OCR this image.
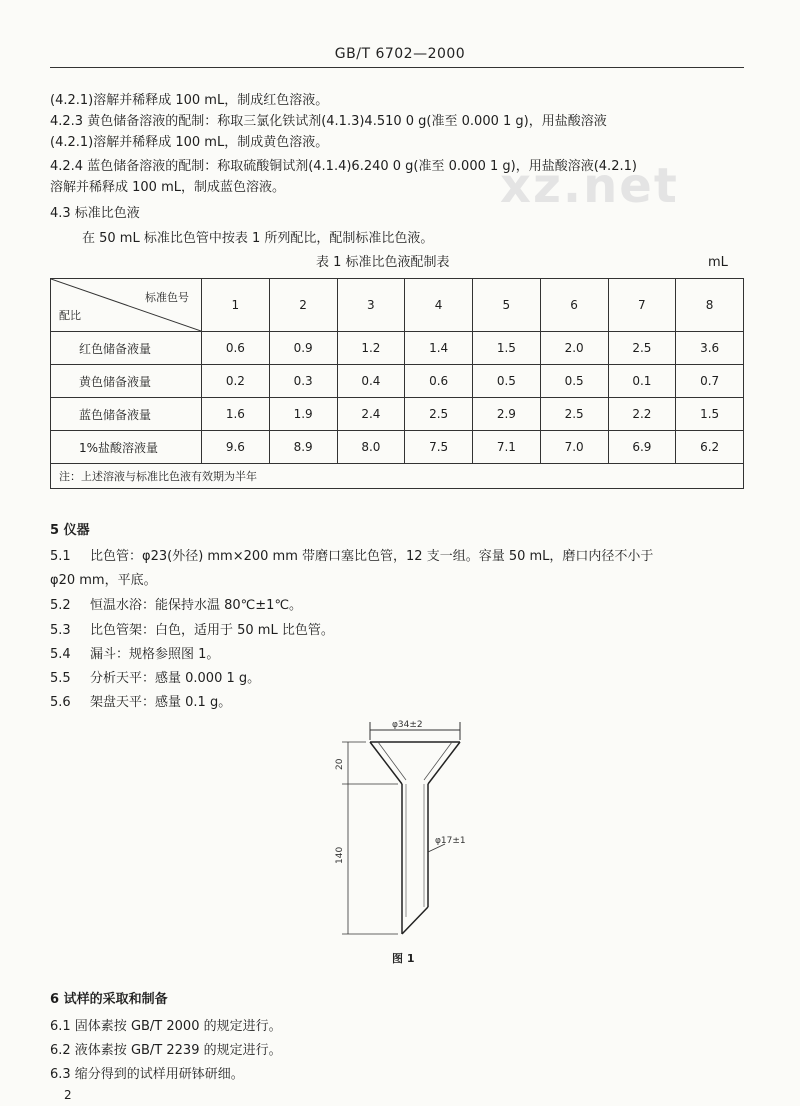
GB/T 6702—2000
xz.net
(4.2.1)溶解并稀释成 100 mL，制成红色溶液。
4.2.3 黄色储备溶液的配制：称取三氯化铁试剂(4.1.3)4.510 0 g(准至 0.000 1 g)，用盐酸溶液
(4.2.1)溶解并稀释成 100 mL，制成黄色溶液。
4.2.4 蓝色储备溶液的配制：称取硫酸铜试剂(4.1.4)6.240 0 g(准至 0.000 1 g)，用盐酸溶液(4.2.1)
溶解并稀释成 100 mL，制成蓝色溶液。
4.3 标准比色液
在 50 mL 标准比色管中按表 1 所列配比，配制标准比色液。
表 1 标准比色液配制表	mL
标准色号
配比	1	2	3	4	5	6	7	8
红色储备液量	0.6	0.9	1.2	1.4	1.5	2.0	2.5	3.6
黄色储备液量	0.2	0.3	0.4	0.6	0.5	0.5	0.1	0.7
蓝色储备液量	1.6	1.9	2.4	2.5	2.9	2.5	2.2	1.5
1%盐酸溶液量	9.6	8.9	8.0	7.5	7.1	7.0	6.9	6.2
注：上述溶液与标准比色液有效期为半年								
5 仪器
5.1 比色管：φ23(外径) mm×200 mm 带磨口塞比色管，12 支一组。容量 50 mL，磨口内径不小于
φ20 mm，平底。
5.2 恒温水浴：能保持水温 80℃±1℃。
5.3 比色管架：白色，适用于 50 mL 比色管。
5.4 漏斗：规格参照图 1。
5.5 分析天平：感量 0.000 1 g。
5.6 架盘天平：感量 0.1 g。
φ34±2
20
140
φ17±1
图 1
6 试样的采取和制备
6.1 固体素按 GB/T 2000 的规定进行。
6.2 液体素按 GB/T 2239 的规定进行。
6.3 缩分得到的试样用研钵研细。
2
